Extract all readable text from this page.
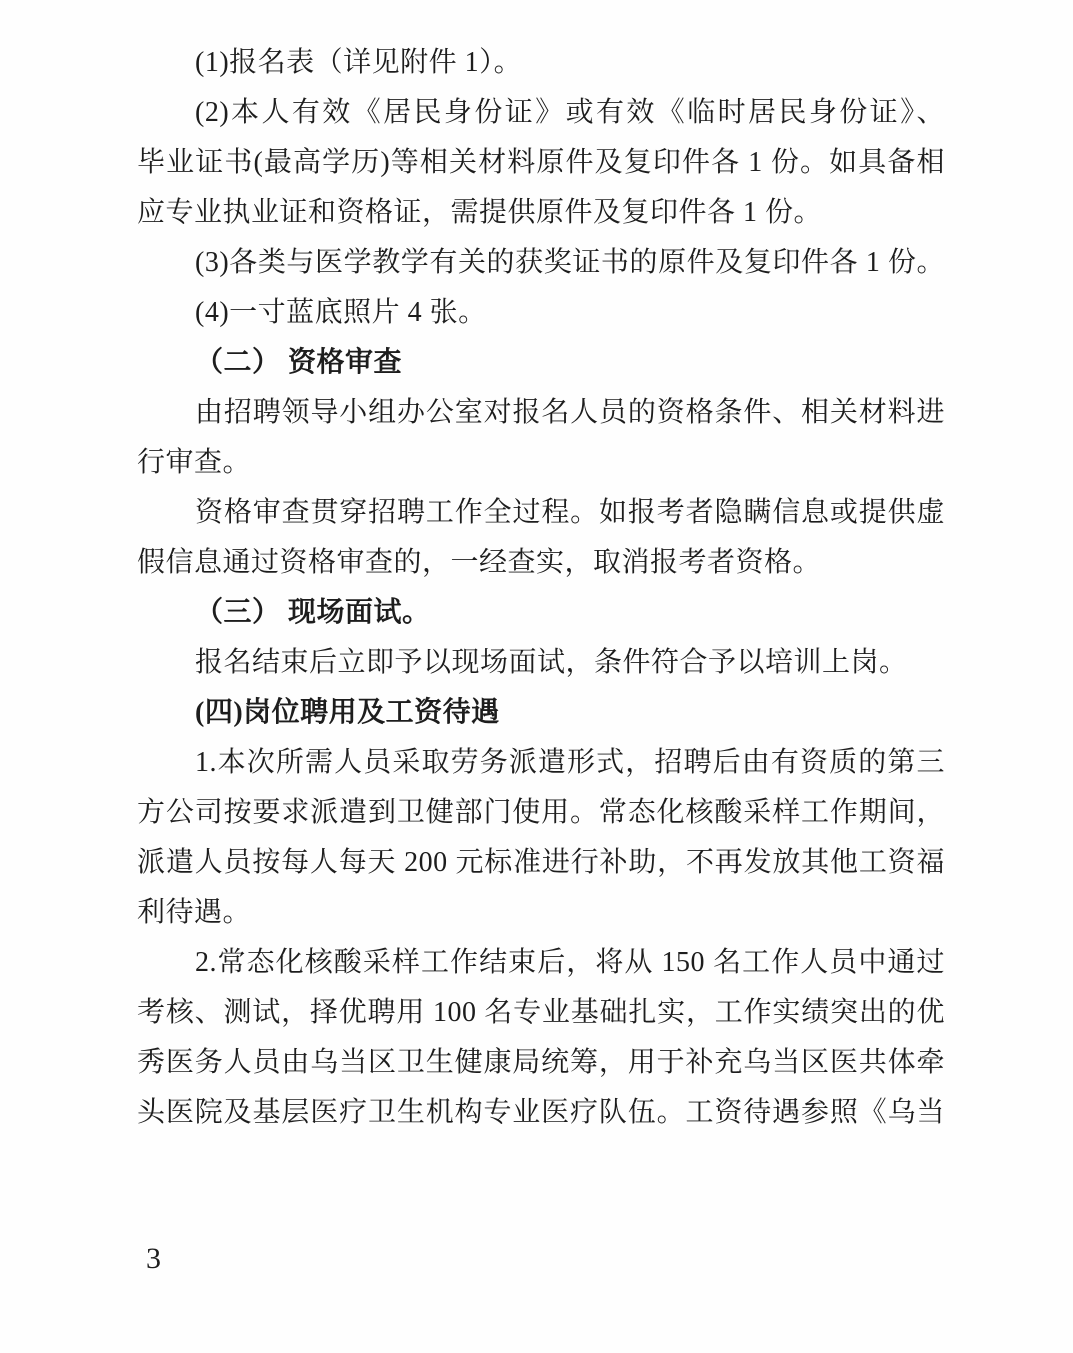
(1)报名表（详见附件 1）。
(2)本人有效《居民身份证》或有效《临时居民身份证》、
毕业证书(最高学历)等相关材料原件及复印件各 1 份。如具备相
应专业执业证和资格证，需提供原件及复印件各 1 份。
(3)各类与医学教学有关的获奖证书的原件及复印件各 1 份。
(4)一寸蓝底照片 4 张。
（二） 资格审查
由招聘领导小组办公室对报名人员的资格条件、相关材料进
行审查。
资格审查贯穿招聘工作全过程。如报考者隐瞒信息或提供虚
假信息通过资格审查的，一经查实，取消报考者资格。
（三） 现场面试。
报名结束后立即予以现场面试，条件符合予以培训上岗。
(四)岗位聘用及工资待遇
1.本次所需人员采取劳务派遣形式，招聘后由有资质的第三
方公司按要求派遣到卫健部门使用。常态化核酸采样工作期间，
派遣人员按每人每天 200 元标准进行补助，不再发放其他工资福
利待遇。
2.常态化核酸采样工作结束后，将从 150 名工作人员中通过
考核、测试，择优聘用 100 名专业基础扎实，工作实绩突出的优
秀医务人员由乌当区卫生健康局统筹，用于补充乌当区医共体牵
头医院及基层医疗卫生机构专业医疗队伍。工资待遇参照《乌当
3
